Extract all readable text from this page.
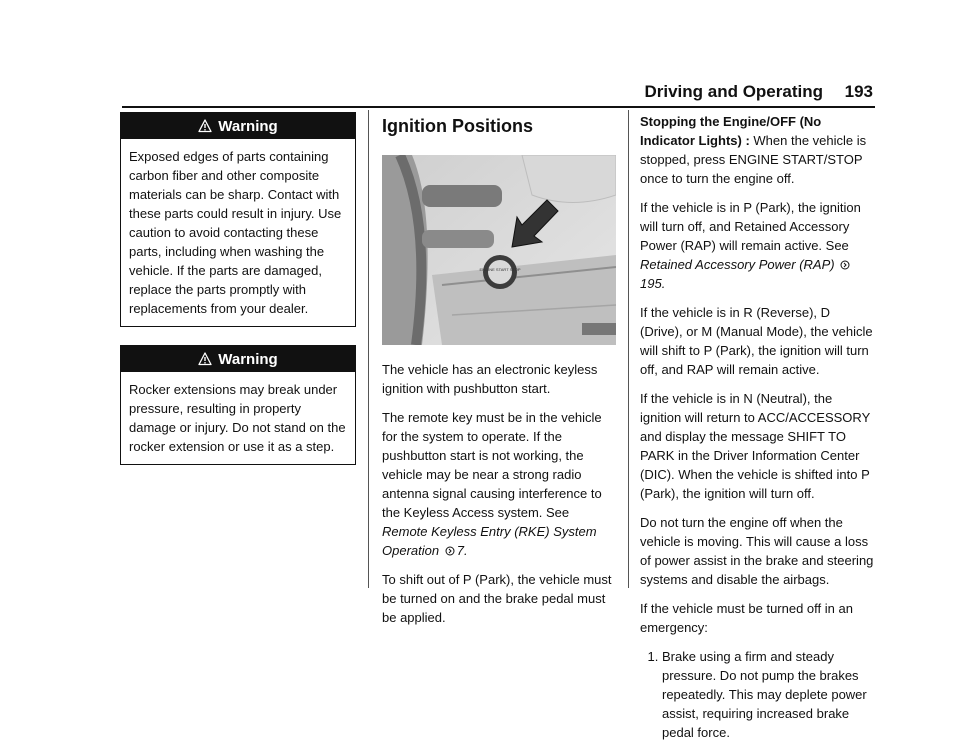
Driving and Operating 193
Warning
Exposed edges of parts containing carbon fiber and other composite materials can be sharp. Contact with these parts could result in injury. Use caution to avoid contacting these parts, including when washing the vehicle. If the parts are damaged, replace the parts promptly with replacements from your dealer.
Warning
Rocker extensions may break under pressure, resulting in property damage or injury. Do not stand on the rocker extension or use it as a step.
Ignition Positions
ENGINE START STOP

The vehicle has an electronic keyless ignition with pushbutton start.

The remote key must be in the vehicle for the system to operate. If the pushbutton start is not working, the vehicle may be near a strong radio antenna signal causing interference to the Keyless Access system. See Remote Keyless Entry (RKE) System Operation 7.

To shift out of P (Park), the vehicle must be turned on and the brake pedal must be applied.

Stopping the Engine/OFF (No Indicator Lights) : When the vehicle is stopped, press ENGINE START/STOP once to turn the engine off.

If the vehicle is in P (Park), the ignition will turn off, and Retained Accessory Power (RAP) will remain active. See Retained Accessory Power (RAP) 195.

If the vehicle is in R (Reverse), D (Drive), or M (Manual Mode), the vehicle will shift to P (Park), the ignition will turn off, and RAP will remain active.

If the vehicle is in N (Neutral), the ignition will return to ACC/ACCESSORY and display the message SHIFT TO PARK in the Driver Information Center (DIC). When the vehicle is shifted into P (Park), the ignition will turn off.

Do not turn the engine off when the vehicle is moving. This will cause a loss of power assist in the brake and steering systems and disable the airbags.

If the vehicle must be turned off in an emergency:

1. Brake using a firm and steady pressure. Do not pump the brakes repeatedly. This may deplete power assist, requiring increased brake pedal force.
